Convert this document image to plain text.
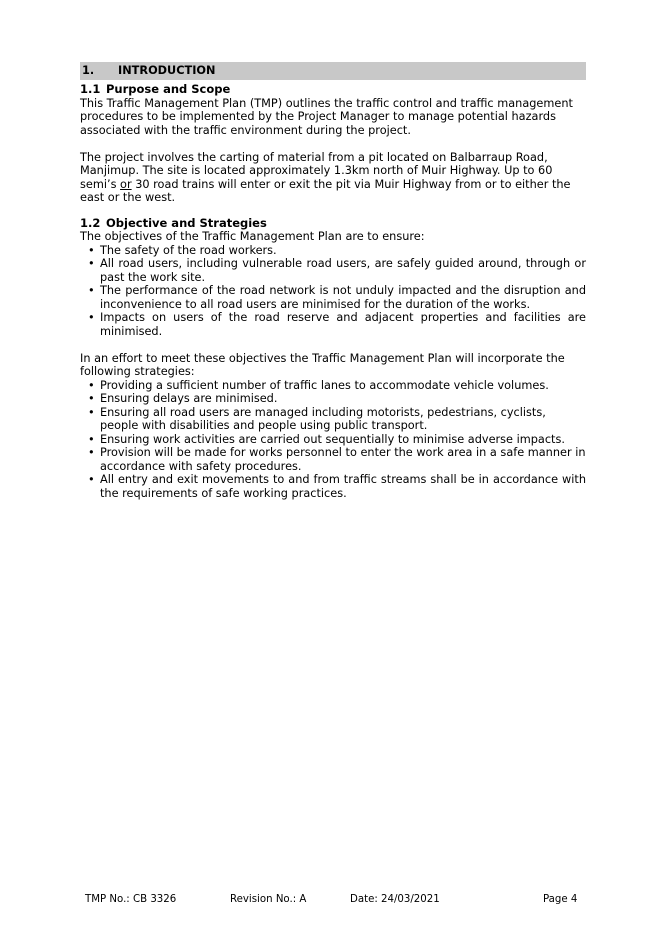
1. INTRODUCTION
1.1 Purpose and Scope

This Traffic Management Plan (TMP) outlines the traffic control and traffic management procedures to be implemented by the Project Manager to manage potential hazards associated with the traffic environment during the project.

The project involves the carting of material from a pit located on Balbarraup Road, Manjimup. The site is located approximately 1.3km north of Muir Highway. Up to 60 semi’s or 30 road trains will enter or exit the pit via Muir Highway from or to either the east or the west.

1.2 Objective and Strategies

The objectives of the Traffic Management Plan are to ensure:

• The safety of the road workers.
• All road users, including vulnerable road users, are safely guided around, through or past the work site.
• The performance of the road network is not unduly impacted and the disruption and inconvenience to all road users are minimised for the duration of the works.
• Impacts on users of the road reserve and adjacent properties and facilities are minimised.

In an effort to meet these objectives the Traffic Management Plan will incorporate the following strategies:

• Providing a sufficient number of traffic lanes to accommodate vehicle volumes.
• Ensuring delays are minimised.
• Ensuring all road users are managed including motorists, pedestrians, cyclists, people with disabilities and people using public transport.
• Ensuring work activities are carried out sequentially to minimise adverse impacts.
• Provision will be made for works personnel to enter the work area in a safe manner in accordance with safety procedures.
• All entry and exit movements to and from traffic streams shall be in accordance with the requirements of safe working practices.
TMP No.: CB 3326	Revision No.: A	Date: 24/03/2021	Page 4
